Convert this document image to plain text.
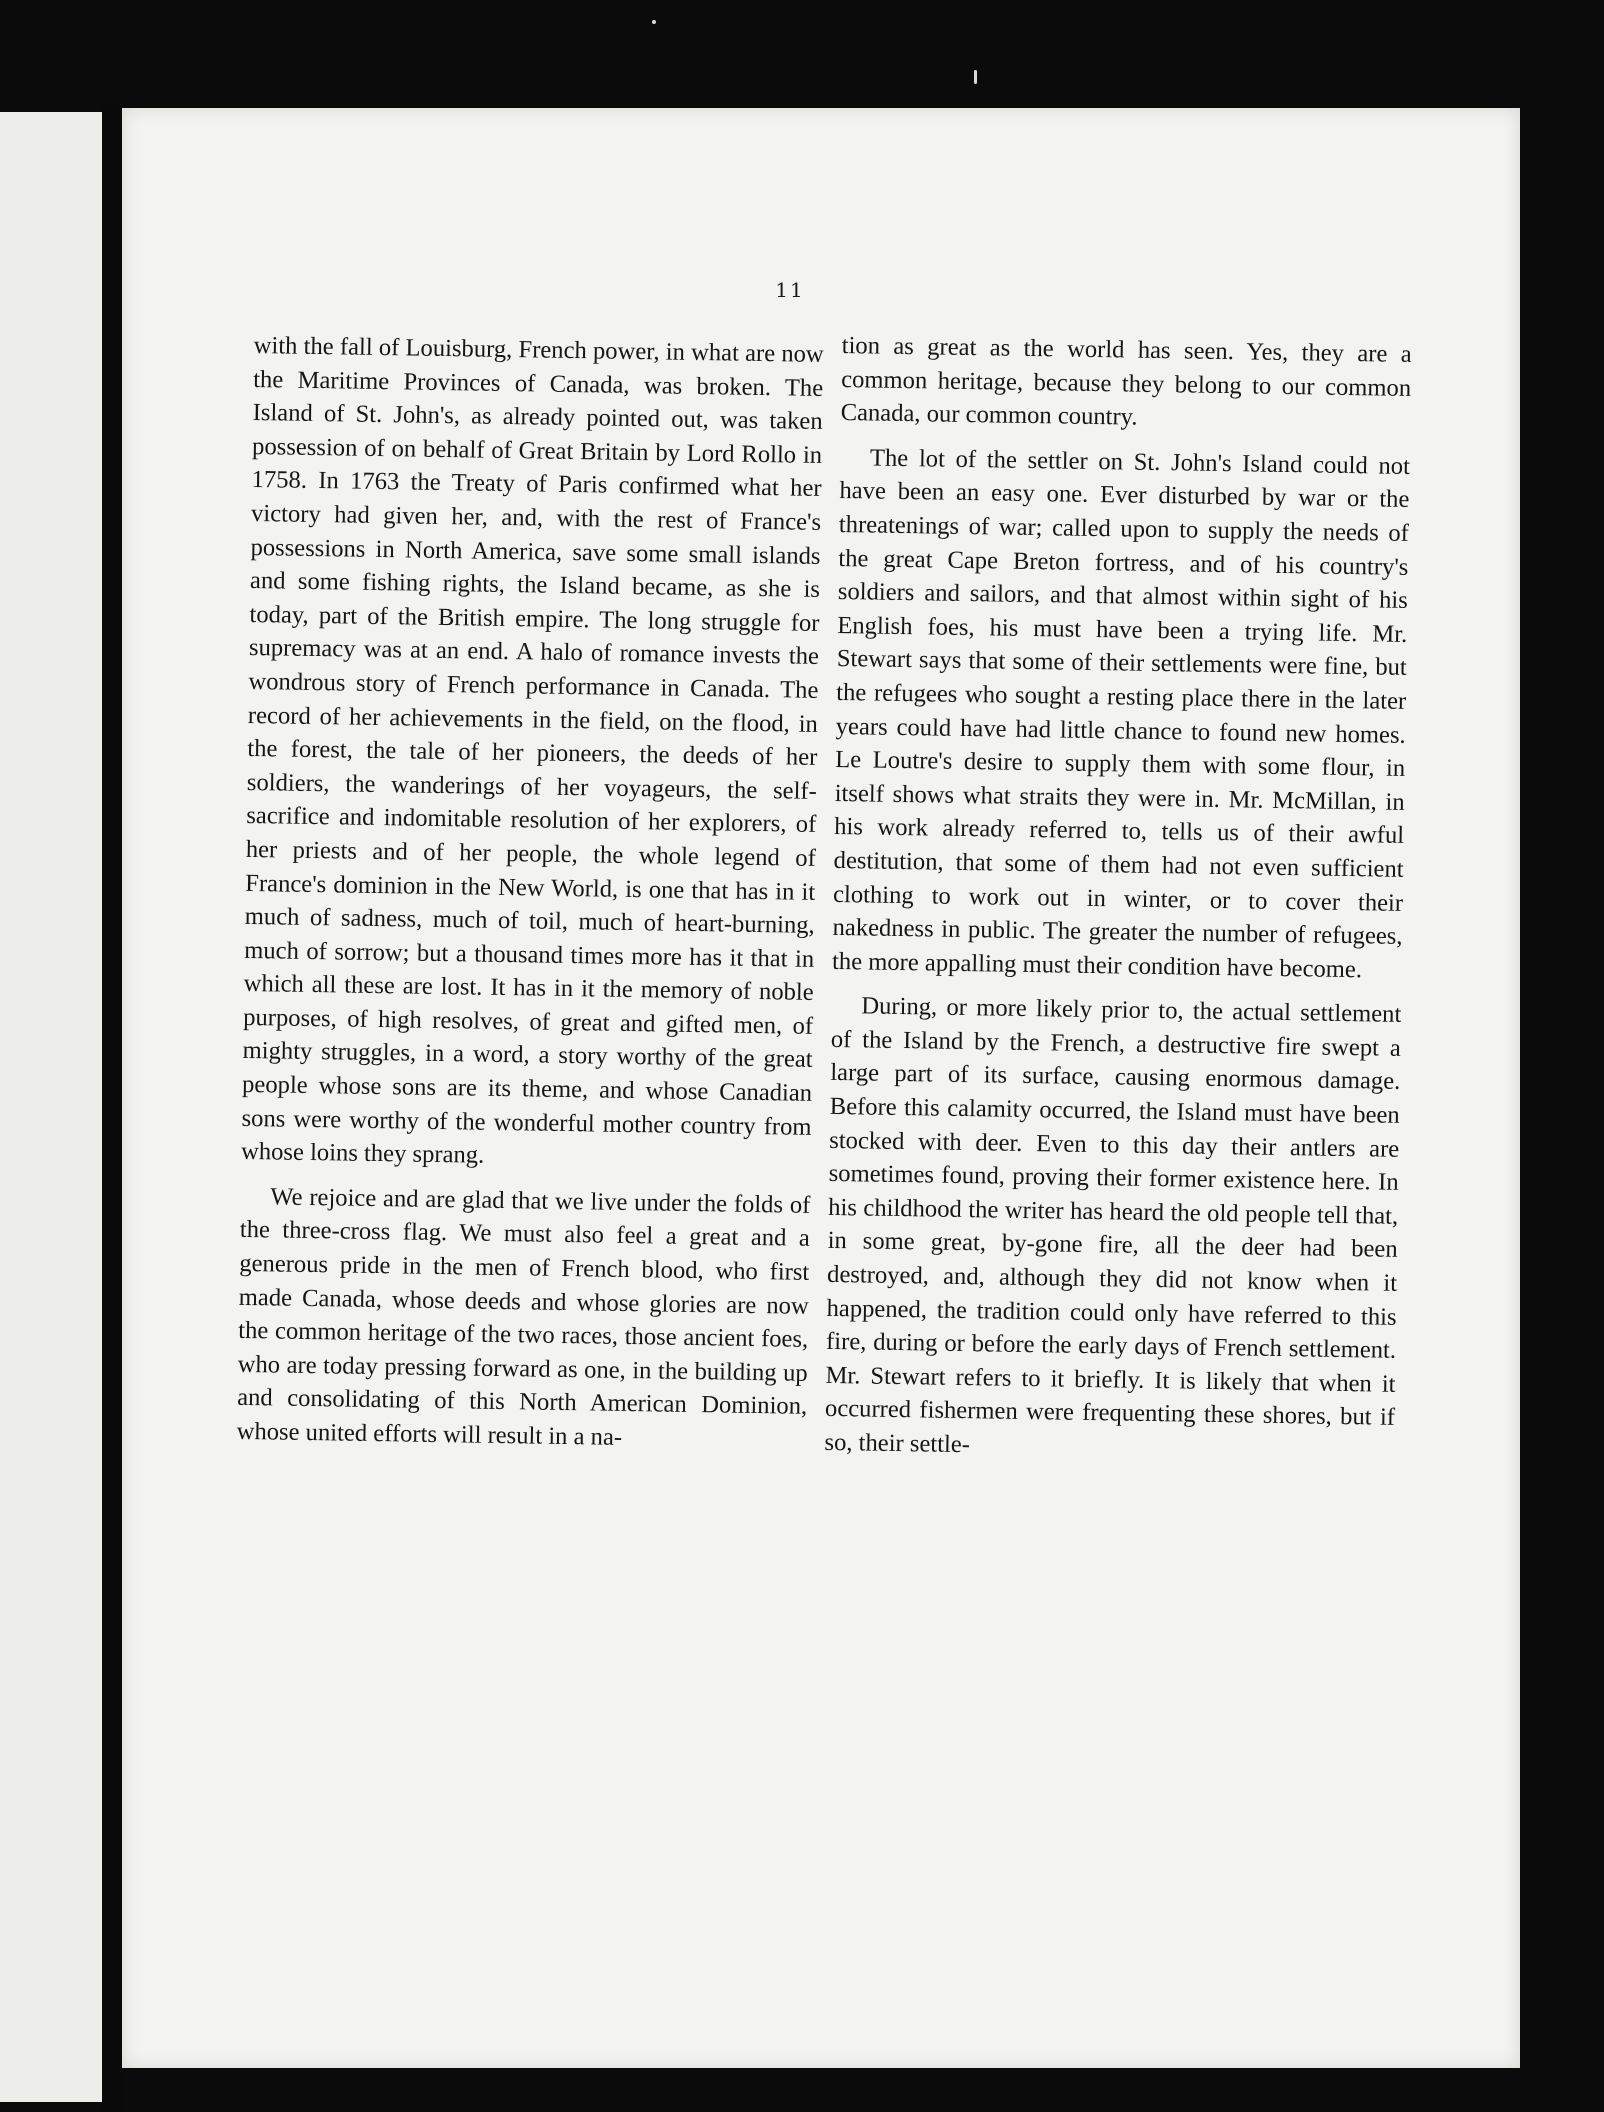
11

with the fall of Louisburg, French power, in what are now the Maritime Provinces of Canada, was broken. The Island of St. John's, as already pointed out, was taken possession of on behalf of Great Britain by Lord Rollo in 1758. In 1763 the Treaty of Paris confirmed what her victory had given her, and, with the rest of France's possessions in North America, save some small islands and some fishing rights, the Island became, as she is today, part of the British empire. The long struggle for supremacy was at an end. A halo of romance invests the wondrous story of French performance in Canada. The record of her achievements in the field, on the flood, in the forest, the tale of her pioneers, the deeds of her soldiers, the wanderings of her voyageurs, the self-sacrifice and indomitable resolution of her explorers, of her priests and of her people, the whole legend of France's dominion in the New World, is one that has in it much of sadness, much of toil, much of heart-burning, much of sorrow; but a thousand times more has it that in which all these are lost. It has in it the memory of noble purposes, of high resolves, of great and gifted men, of mighty struggles, in a word, a story worthy of the great people whose sons are its theme, and whose Canadian sons were worthy of the wonderful mother country from whose loins they sprang.

We rejoice and are glad that we live under the folds of the three-cross flag. We must also feel a great and a generous pride in the men of French blood, who first made Canada, whose deeds and whose glories are now the common heritage of the two races, those ancient foes, who are today pressing forward as one, in the building up and consolidating of this North American Dominion, whose united efforts will result in a na-

tion as great as the world has seen. Yes, they are a common heritage, because they belong to our common Canada, our common country.

The lot of the settler on St. John's Island could not have been an easy one. Ever disturbed by war or the threatenings of war; called upon to supply the needs of the great Cape Breton fortress, and of his country's soldiers and sailors, and that almost within sight of his English foes, his must have been a trying life. Mr. Stewart says that some of their settlements were fine, but the refugees who sought a resting place there in the later years could have had little chance to found new homes. Le Loutre's desire to supply them with some flour, in itself shows what straits they were in. Mr. McMillan, in his work already referred to, tells us of their awful destitution, that some of them had not even sufficient clothing to work out in winter, or to cover their nakedness in public. The greater the number of refugees, the more appalling must their condition have become.

During, or more likely prior to, the actual settlement of the Island by the French, a destructive fire swept a large part of its surface, causing enormous damage. Before this calamity occurred, the Island must have been stocked with deer. Even to this day their antlers are sometimes found, proving their former existence here. In his childhood the writer has heard the old people tell that, in some great, by-gone fire, all the deer had been destroyed, and, although they did not know when it happened, the tradition could only have referred to this fire, during or before the early days of French settlement. Mr. Stewart refers to it briefly. It is likely that when it occurred fishermen were frequenting these shores, but if so, their settle-
